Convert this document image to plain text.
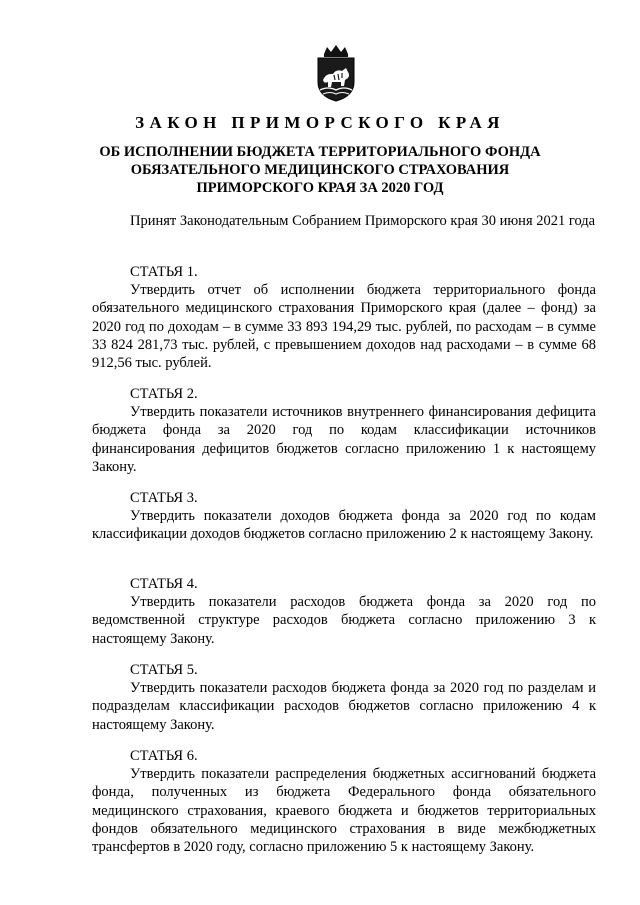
ЗАКОН ПРИМОРСКОГО КРАЯ

ОБ ИСПОЛНЕНИИ БЮДЖЕТА ТЕРРИТОРИАЛЬНОГО ФОНДА

ОБЯЗАТЕЛЬНОГО МЕДИЦИНСКОГО СТРАХОВАНИЯ

ПРИМОРСКОГО КРАЯ ЗА 2020 ГОД

Принят Законодательным Собранием Приморского края 30 июня 2021 года
СТАТЬЯ 1.
Утвердить отчет об исполнении бюджета территориального фонда обязательного медицинского страхования Приморского края (далее – фонд) за 2020 год по доходам – в сумме 33 893 194,29 тыс. рублей, по расходам – в сумме 33 824 281,73 тыс. рублей, с превышением доходов над расходами – в сумме 68 912,56 тыс. рублей.
СТАТЬЯ 2.
Утвердить показатели источников внутреннего финансирования дефицита бюджета фонда за 2020 год по кодам классификации источников финансирования дефицитов бюджетов согласно приложению 1 к настоящему Закону.
СТАТЬЯ 3.
Утвердить показатели доходов бюджета фонда за 2020 год по кодам классификации доходов бюджетов согласно приложению 2 к настоящему Закону.
СТАТЬЯ 4.
Утвердить показатели расходов бюджета фонда за 2020 год по ведомственной структуре расходов бюджета согласно приложению 3 к настоящему Закону.
СТАТЬЯ 5.
Утвердить показатели расходов бюджета фонда за 2020 год по разделам и подразделам классификации расходов бюджетов согласно приложению 4 к настоящему Закону.
СТАТЬЯ 6.
Утвердить показатели распределения бюджетных ассигнований бюджета фонда, полученных из бюджета Федерального фонда обязательного медицинского страхования, краевого бюджета и бюджетов территориальных фондов обязательного медицинского страхования в виде межбюджетных трансфертов в 2020 году, согласно приложению 5 к настоящему Закону.
